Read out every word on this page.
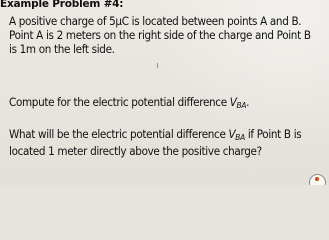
Example Problem #4:

A positive charge of 5μC is located between points A and B.
Point A is 2 meters on the right side of the charge and Point B
is 1m on the left side.

Compute for the electric potential difference $V_{BA}$.

What will be the electric potential difference $V_{BA}$ if Point B is
located 1 meter directly above the positive charge?
